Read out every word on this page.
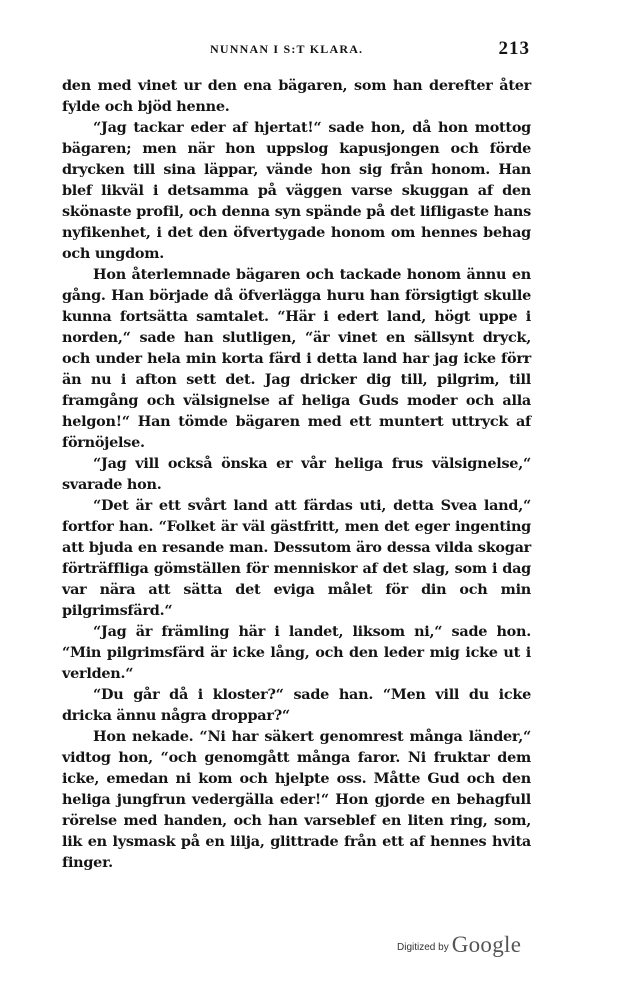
NUNNAN I S:T KLARA.	213

den med vinet ur den ena bägaren, som han derefter åter fylde och bjöd henne.

“Jag tackar eder af hjertat!“ sade hon, då hon mottog bägaren; men när hon uppslog kapusjongen och förde drycken till sina läppar, vände hon sig från honom. Han blef likväl i detsamma på väggen varse skuggan af den skönaste profil, och denna syn spände på det lifligaste hans nyfikenhet, i det den öfvertygade honom om hennes behag och ungdom.

Hon återlemnade bägaren och tackade honom ännu en gång. Han började då öfverlägga huru han försigtigt skulle kunna fortsätta samtalet. “Här i edert land, högt uppe i norden,“ sade han slutligen, “är vinet en sällsynt dryck, och under hela min korta färd i detta land har jag icke förr än nu i afton sett det. Jag dricker dig till, pilgrim, till framgång och välsignelse af heliga Guds moder och alla helgon!“ Han tömde bägaren med ett muntert uttryck af förnöjelse.

“Jag vill också önska er vår heliga frus välsignelse,“ svarade hon.

“Det är ett svårt land att färdas uti, detta Svea land,“ fortfor han. “Folket är väl gästfritt, men det eger ingenting att bjuda en resande man. Dessutom äro dessa vilda skogar förträffliga gömställen för menniskor af det slag, som i dag var nära att sätta det eviga målet för din och min pilgrimsfärd.“

“Jag är främling här i landet, liksom ni,“ sade hon. “Min pilgrimsfärd är icke lång, och den leder mig icke ut i verlden.“

“Du går då i kloster?“ sade han. “Men vill du icke dricka ännu några droppar?“

Hon nekade. “Ni har säkert genomrest många länder,“ vidtog hon, “och genomgått många faror. Ni fruktar dem icke, emedan ni kom och hjelpte oss. Måtte Gud och den heliga jungfrun vedergälla eder!“ Hon gjorde en behagfull rörelse med handen, och han varseblef en liten ring, som, lik en lysmask på en lilja, glittrade från ett af hennes hvita finger.

Digitized by Google
